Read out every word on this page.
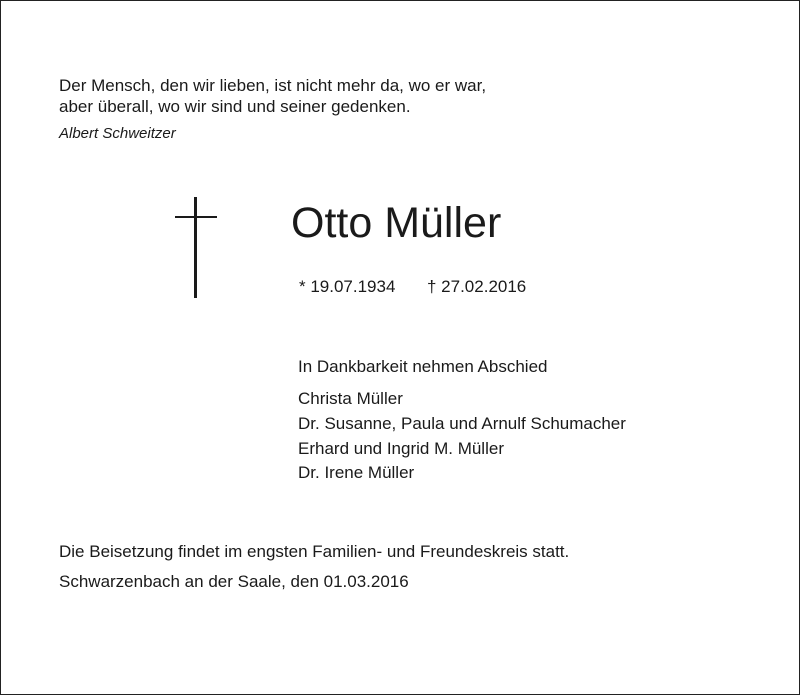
Der Mensch, den wir lieben, ist nicht mehr da, wo er war,
aber überall, wo wir sind und seiner gedenken.
Albert Schweitzer
Otto Müller
* 19.07.1934 † 27.02.2016
In Dankbarkeit nehmen Abschied
Christa Müller
Dr. Susanne, Paula und Arnulf Schumacher
Erhard und Ingrid M. Müller
Dr. Irene Müller
Die Beisetzung findet im engsten Familien- und Freundeskreis statt.
Schwarzenbach an der Saale, den 01.03.2016
